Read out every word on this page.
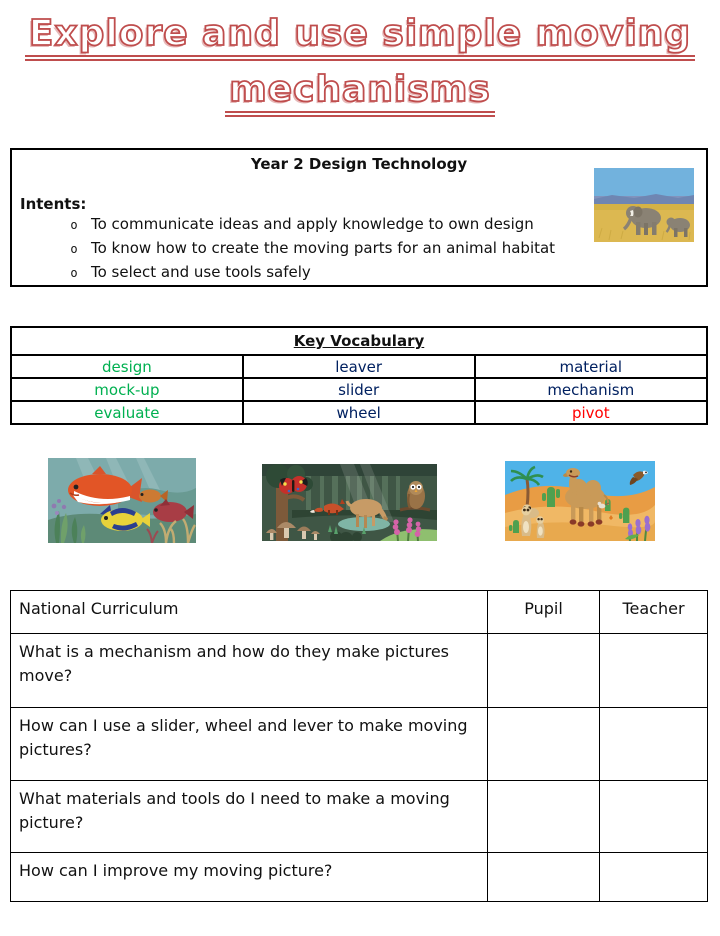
Explore and use simple moving
mechanisms
Year 2 Design Technology
Intents:
o To communicate ideas and apply knowledge to own design
o To know how to create the moving parts for an animal habitat
o To select and use tools safely
Key Vocabulary		
design	leaver	material
mock-up	slider	mechanism
evaluate	wheel	pivot
National Curriculum	Pupil	Teacher
What is a mechanism and how do they make pictures move?		
How can I use a slider, wheel and lever to make moving pictures?		
What materials and tools do I need to make a moving picture?		
How can I improve my moving picture?		
